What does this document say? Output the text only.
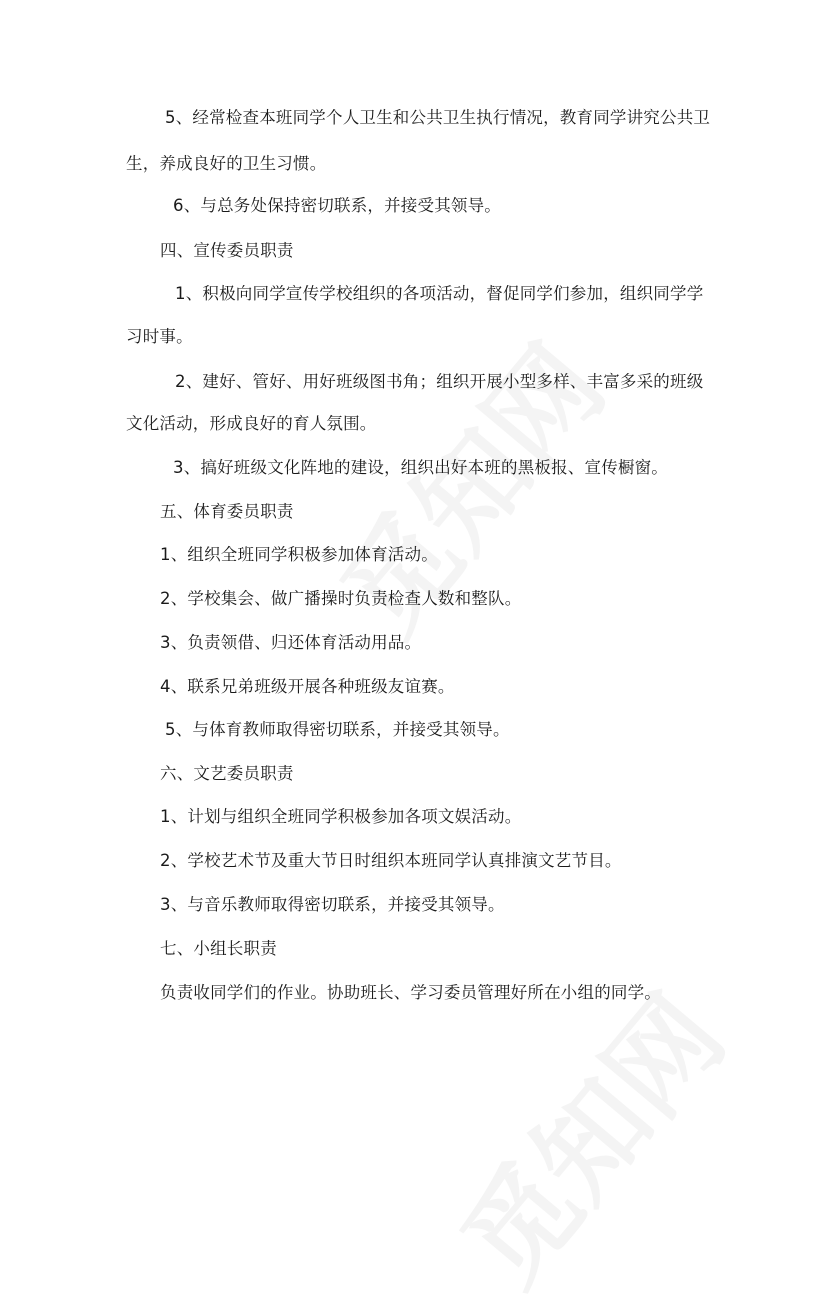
5、经常检查本班同学个人卫生和公共卫生执行情况，教育同学讲究公共卫
生，养成良好的卫生习惯。
6、与总务处保持密切联系，并接受其领导。
四、宣传委员职责
1、积极向同学宣传学校组织的各项活动，督促同学们参加，组织同学学
习时事。
2、建好、管好、用好班级图书角；组织开展小型多样、丰富多采的班级
文化活动，形成良好的育人氛围。
3、搞好班级文化阵地的建设，组织出好本班的黑板报、宣传橱窗。
五、体育委员职责
1、组织全班同学积极参加体育活动。
2、学校集会、做广播操时负责检查人数和整队。
3、负责领借、归还体育活动用品。
4、联系兄弟班级开展各种班级友谊赛。
5、与体育教师取得密切联系，并接受其领导。
六、文艺委员职责
1、计划与组织全班同学积极参加各项文娱活动。
2、学校艺术节及重大节日时组织本班同学认真排演文艺节目。
3、与音乐教师取得密切联系，并接受其领导。
七、小组长职责
负责收同学们的作业。协助班长、学习委员管理好所在小组的同学。
